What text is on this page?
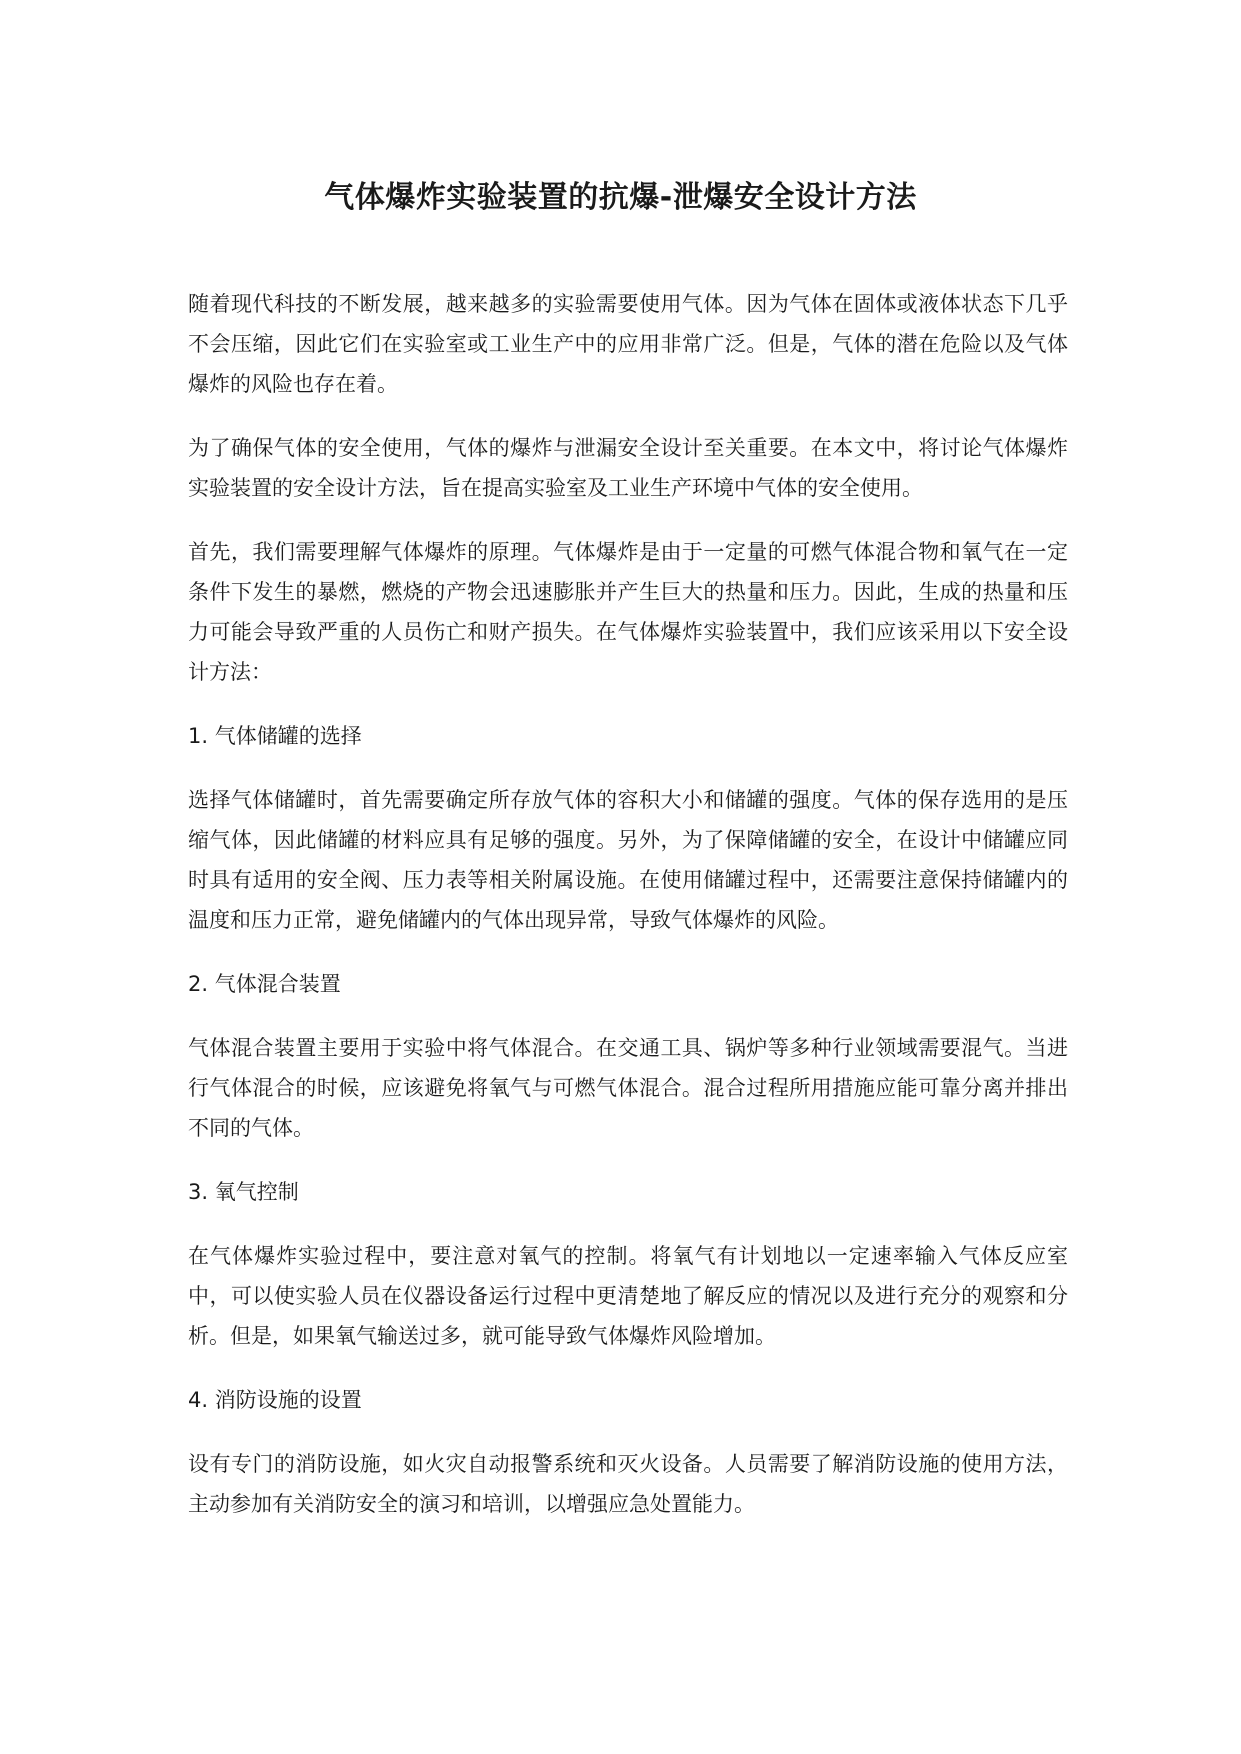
气体爆炸实验装置的抗爆-泄爆安全设计方法

随着现代科技的不断发展，越来越多的实验需要使用气体。因为气体在固体或液体状态下几乎不会压缩，因此它们在实验室或工业生产中的应用非常广泛。但是，气体的潜在危险以及气体爆炸的风险也存在着。

为了确保气体的安全使用，气体的爆炸与泄漏安全设计至关重要。在本文中，将讨论气体爆炸实验装置的安全设计方法，旨在提高实验室及工业生产环境中气体的安全使用。

首先，我们需要理解气体爆炸的原理。气体爆炸是由于一定量的可燃气体混合物和氧气在一定条件下发生的暴燃，燃烧的产物会迅速膨胀并产生巨大的热量和压力。因此，生成的热量和压力可能会导致严重的人员伤亡和财产损失。在气体爆炸实验装置中，我们应该采用以下安全设计方法：

1. 气体储罐的选择

选择气体储罐时，首先需要确定所存放气体的容积大小和储罐的强度。气体的保存选用的是压缩气体，因此储罐的材料应具有足够的强度。另外，为了保障储罐的安全，在设计中储罐应同时具有适用的安全阀、压力表等相关附属设施。在使用储罐过程中，还需要注意保持储罐内的温度和压力正常，避免储罐内的气体出现异常，导致气体爆炸的风险。

2. 气体混合装置

气体混合装置主要用于实验中将气体混合。在交通工具、锅炉等多种行业领域需要混气。当进行气体混合的时候，应该避免将氧气与可燃气体混合。混合过程所用措施应能可靠分离并排出不同的气体。

3. 氧气控制

在气体爆炸实验过程中，要注意对氧气的控制。将氧气有计划地以一定速率输入气体反应室中，可以使实验人员在仪器设备运行过程中更清楚地了解反应的情况以及进行充分的观察和分析。但是，如果氧气输送过多，就可能导致气体爆炸风险增加。

4. 消防设施的设置

设有专门的消防设施，如火灾自动报警系统和灭火设备。人员需要了解消防设施的使用方法，主动参加有关消防安全的演习和培训，以增强应急处置能力。
